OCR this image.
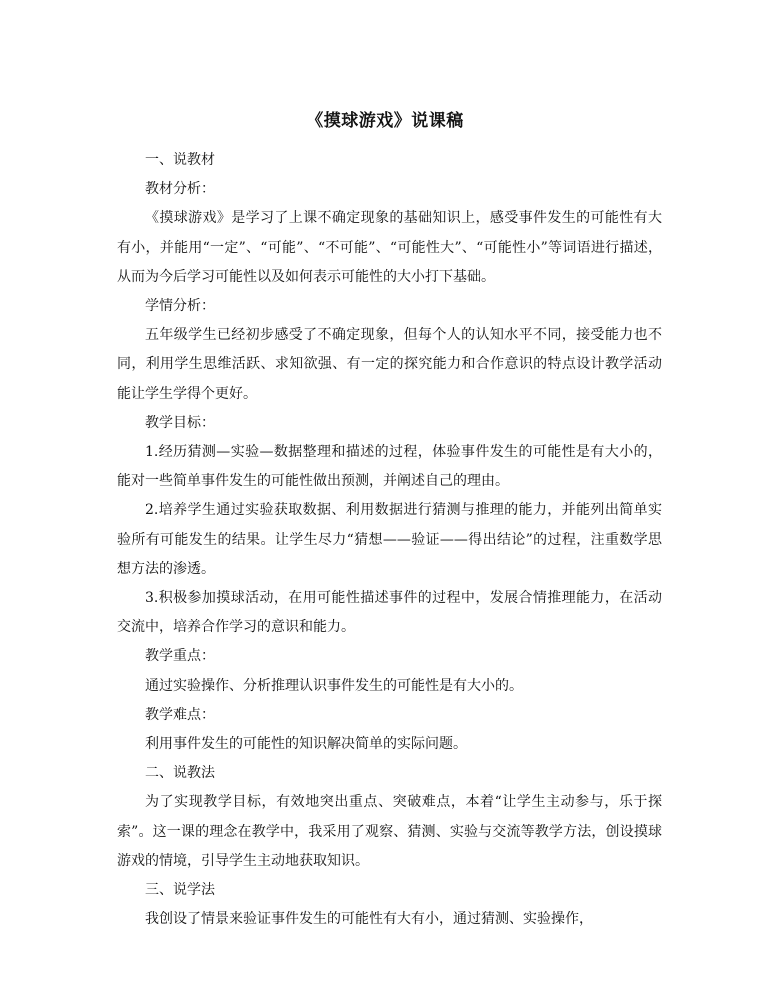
《摸球游戏》说课稿

一、说教材

教材分析：

《摸球游戏》是学习了上课不确定现象的基础知识上，感受事件发生的可能性有大有小，并能用“一定”、“可能”、“不可能”、“可能性大”、“可能性小”等词语进行描述，从而为今后学习可能性以及如何表示可能性的大小打下基础。

学情分析：

五年级学生已经初步感受了不确定现象，但每个人的认知水平不同，接受能力也不同，利用学生思维活跃、求知欲强、有一定的探究能力和合作意识的特点设计教学活动能让学生学得个更好。

教学目标：

1.经历猜测—实验—数据整理和描述的过程，体验事件发生的可能性是有大小的，能对一些简单事件发生的可能性做出预测，并阐述自己的理由。

2.培养学生通过实验获取数据、利用数据进行猜测与推理的能力，并能列出简单实验所有可能发生的结果。让学生尽力“猜想——验证——得出结论”的过程，注重数学思想方法的渗透。

3.积极参加摸球活动，在用可能性描述事件的过程中，发展合情推理能力，在活动交流中，培养合作学习的意识和能力。

教学重点：

通过实验操作、分析推理认识事件发生的可能性是有大小的。

教学难点：

利用事件发生的可能性的知识解决简单的实际问题。

二、说教法

为了实现教学目标，有效地突出重点、突破难点，本着“让学生主动参与，乐于探索”。这一课的理念在教学中，我采用了观察、猜测、实验与交流等教学方法，创设摸球游戏的情境，引导学生主动地获取知识。

三、说学法

我创设了情景来验证事件发生的可能性有大有小，通过猜测、实验操作，
